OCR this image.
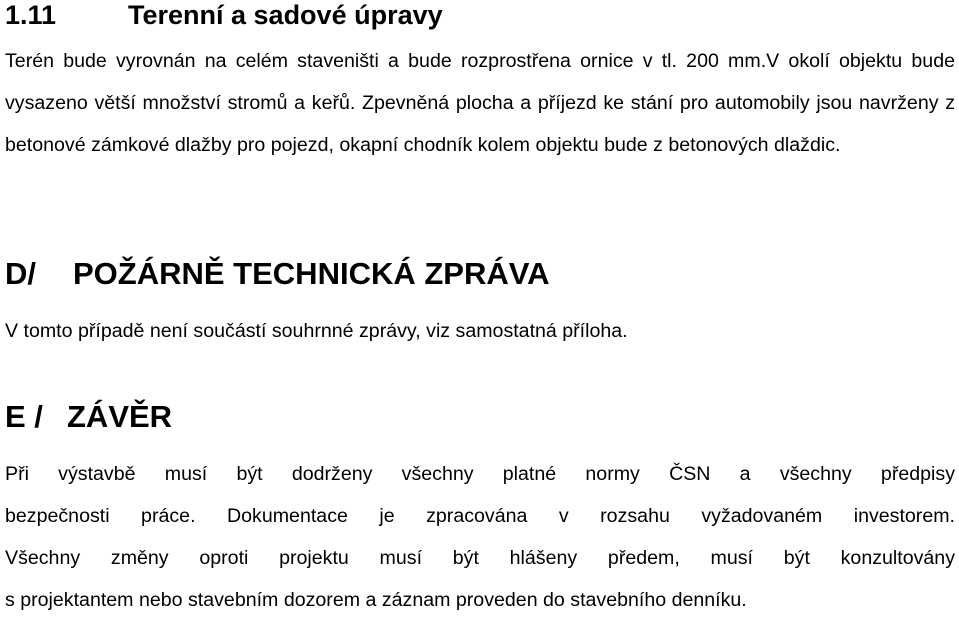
1.11	Terenní a sadové úpravy

Terén bude vyrovnán na celém staveništi a bude rozprostřena ornice v tl. 200 mm.V okolí objektu bude vysazeno větší množství stromů a keřů. Zpevněná plocha a příjezd ke stání pro automobily jsou navrženy z betonové zámkové dlažby pro pojezd, okapní chodník kolem objektu bude z betonových dlaždic.

D/ POŽÁRNĚ TECHNICKÁ ZPRÁVA

V tomto případě není součástí souhrnné zprávy, viz samostatná příloha.

E / ZÁVĚR
Při výstavbě musí být dodrženy všechny platné normy ČSN a všechny předpisy
bezpečnosti práce. Dokumentace je zpracována v rozsahu vyžadovaném investorem.
Všechny změny oproti projektu musí být hlášeny předem, musí být konzultovány
s projektantem nebo stavebním dozorem a záznam proveden do stavebního denníku.
